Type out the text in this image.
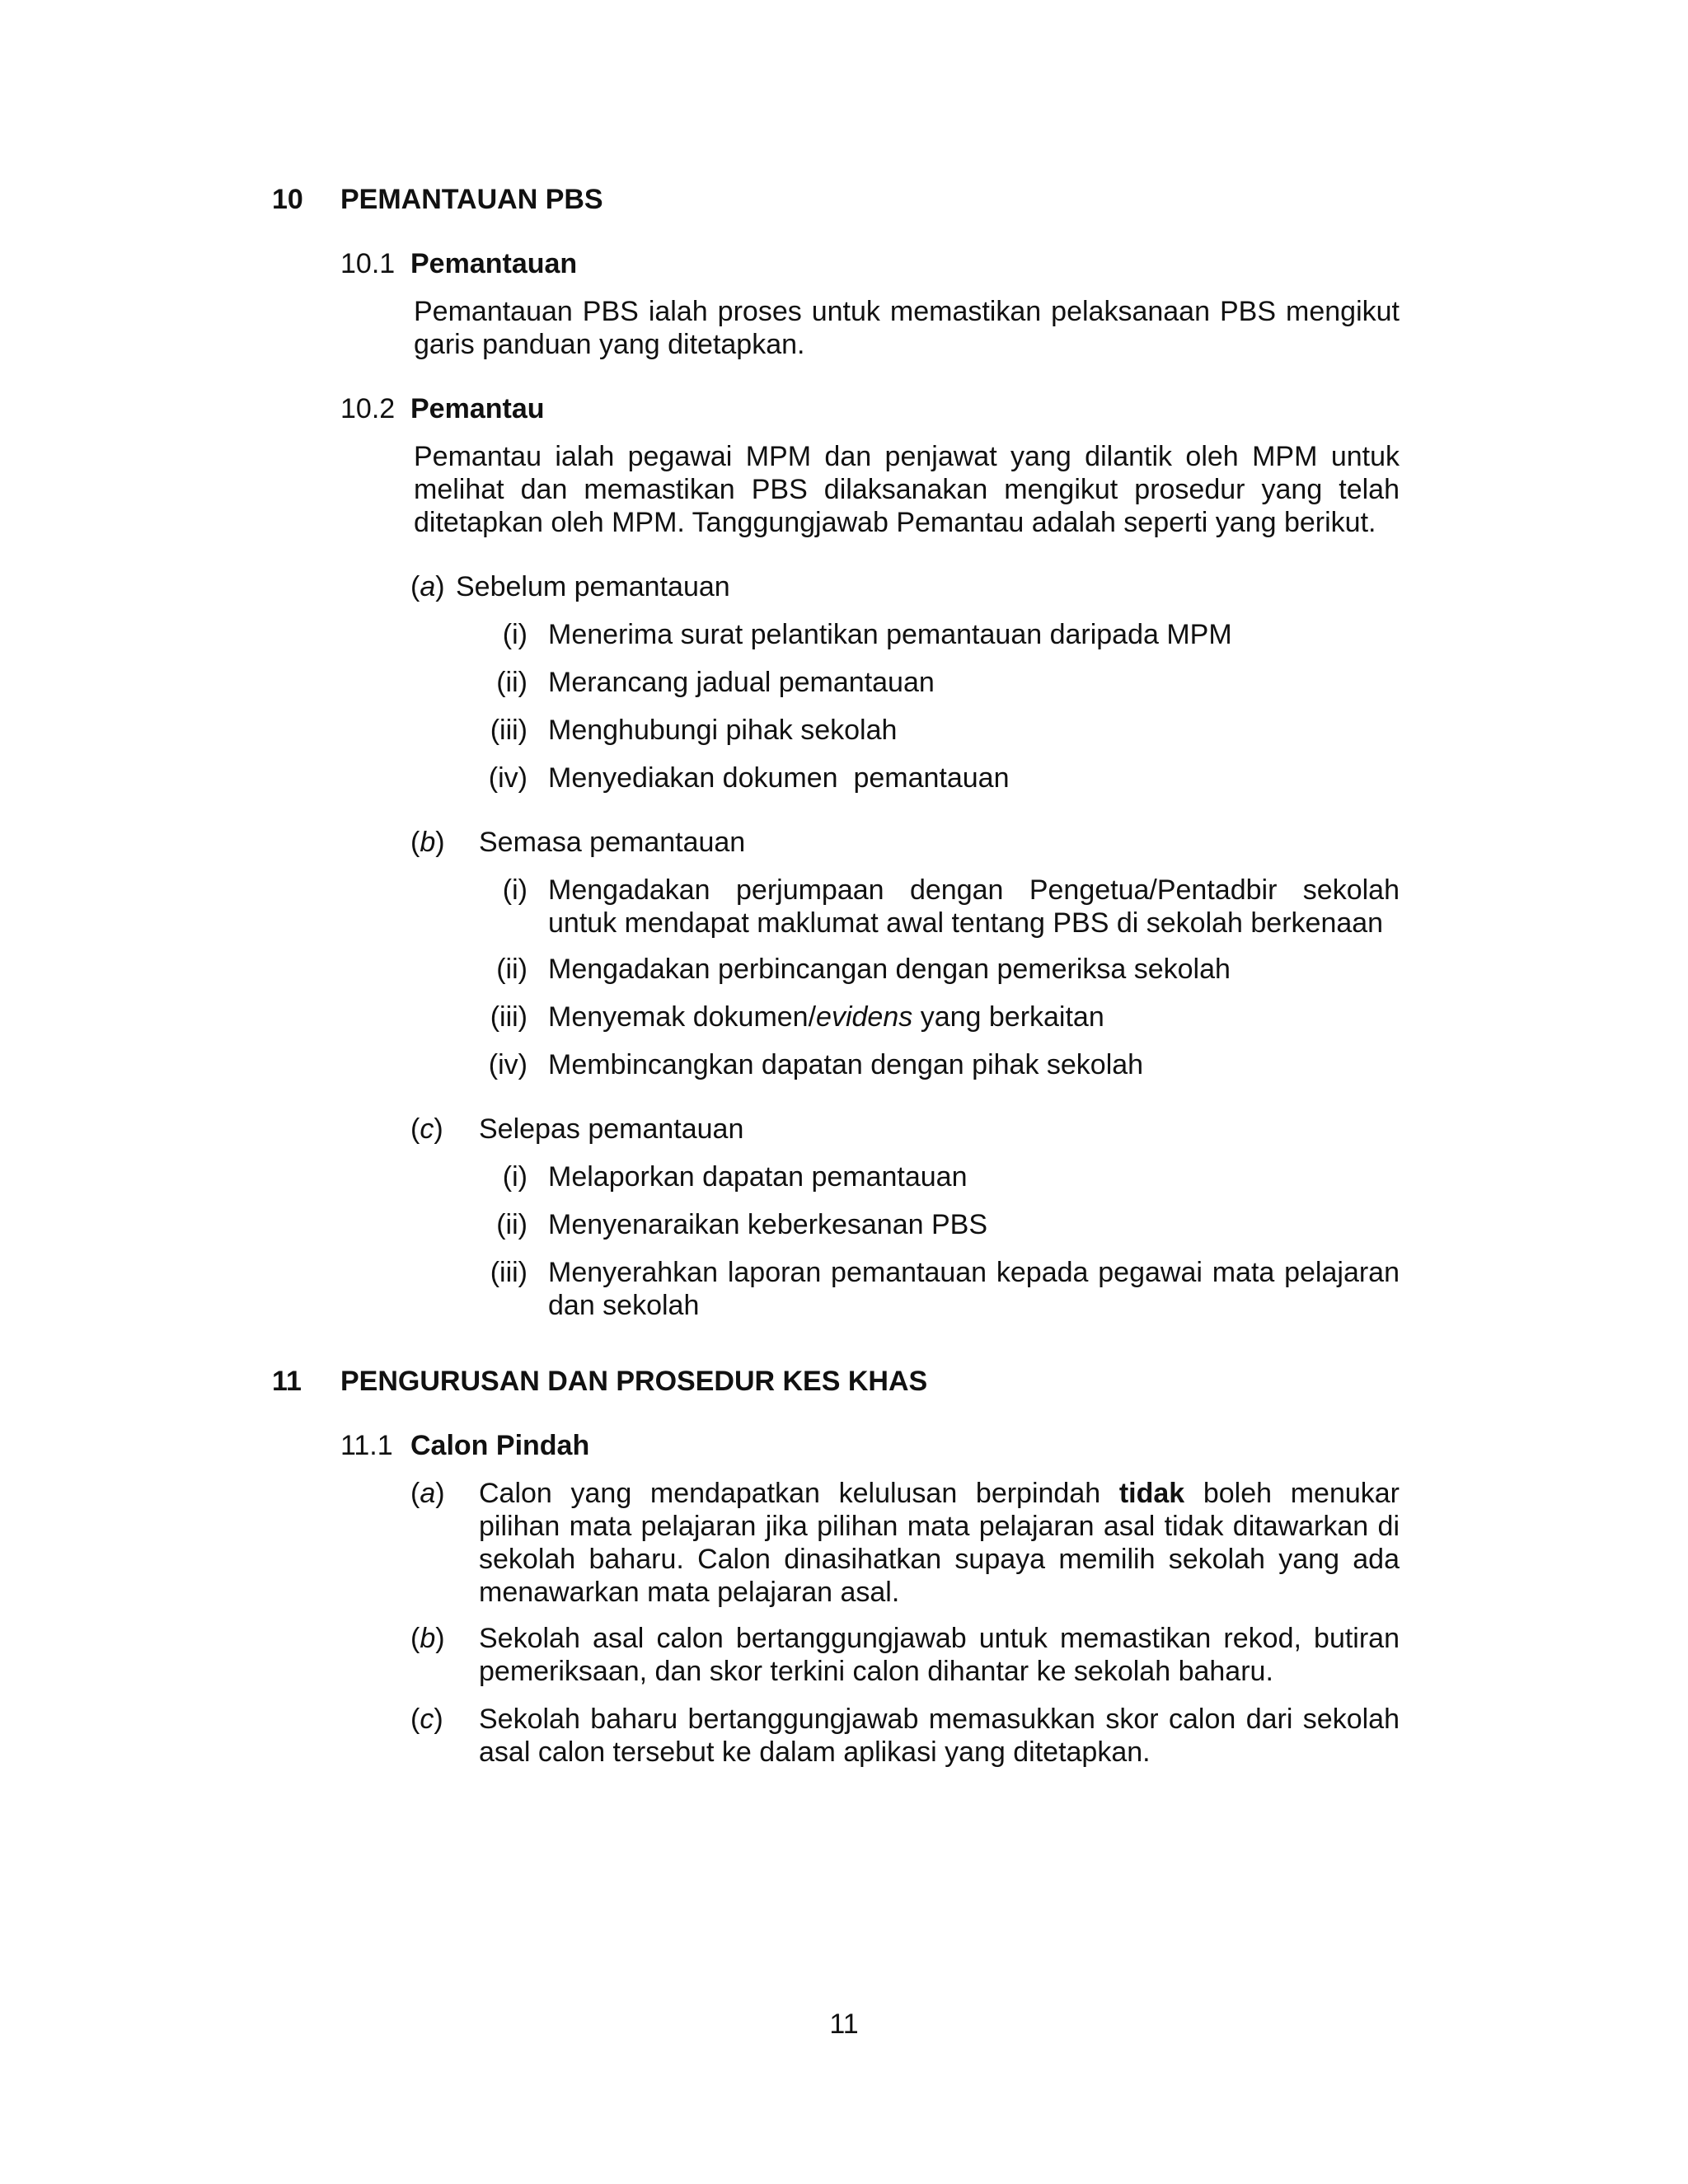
10 PEMANTAUAN PBS
10.1 Pemantauan
Pemantauan PBS ialah proses untuk memastikan pelaksanaan PBS mengikut garis panduan yang ditetapkan.
10.2 Pemantau
Pemantau ialah pegawai MPM dan penjawat yang dilantik oleh MPM untuk melihat dan memastikan PBS dilaksanakan mengikut prosedur yang telah ditetapkan oleh MPM. Tanggungjawab Pemantau adalah seperti yang berikut.
(a) Sebelum pemantauan
(i) Menerima surat pelantikan pemantauan daripada MPM
(ii) Merancang jadual pemantauan
(iii) Menghubungi pihak sekolah
(iv) Menyediakan dokumen  pemantauan
(b) Semasa pemantauan
(i) Mengadakan perjumpaan dengan Pengetua/Pentadbir sekolah untuk mendapat maklumat awal tentang PBS di sekolah berkenaan
(ii) Mengadakan perbincangan dengan pemeriksa sekolah
(iii) Menyemak dokumen/evidens yang berkaitan
(iv) Membincangkan dapatan dengan pihak sekolah
(c) Selepas pemantauan
(i) Melaporkan dapatan pemantauan
(ii) Menyenaraikan keberkesanan PBS
(iii) Menyerahkan laporan pemantauan kepada pegawai mata pelajaran dan sekolah
11 PENGURUSAN DAN PROSEDUR KES KHAS
11.1 Calon Pindah
(a) Calon yang mendapatkan kelulusan berpindah tidak boleh menukar pilihan mata pelajaran jika pilihan mata pelajaran asal tidak ditawarkan di sekolah baharu. Calon dinasihatkan supaya memilih sekolah yang ada menawarkan mata pelajaran asal.
(b) Sekolah asal calon bertanggungjawab untuk memastikan rekod, butiran pemeriksaan, dan skor terkini calon dihantar ke sekolah baharu.
(c) Sekolah baharu bertanggungjawab memasukkan skor calon dari sekolah asal calon tersebut ke dalam aplikasi yang ditetapkan.
11
